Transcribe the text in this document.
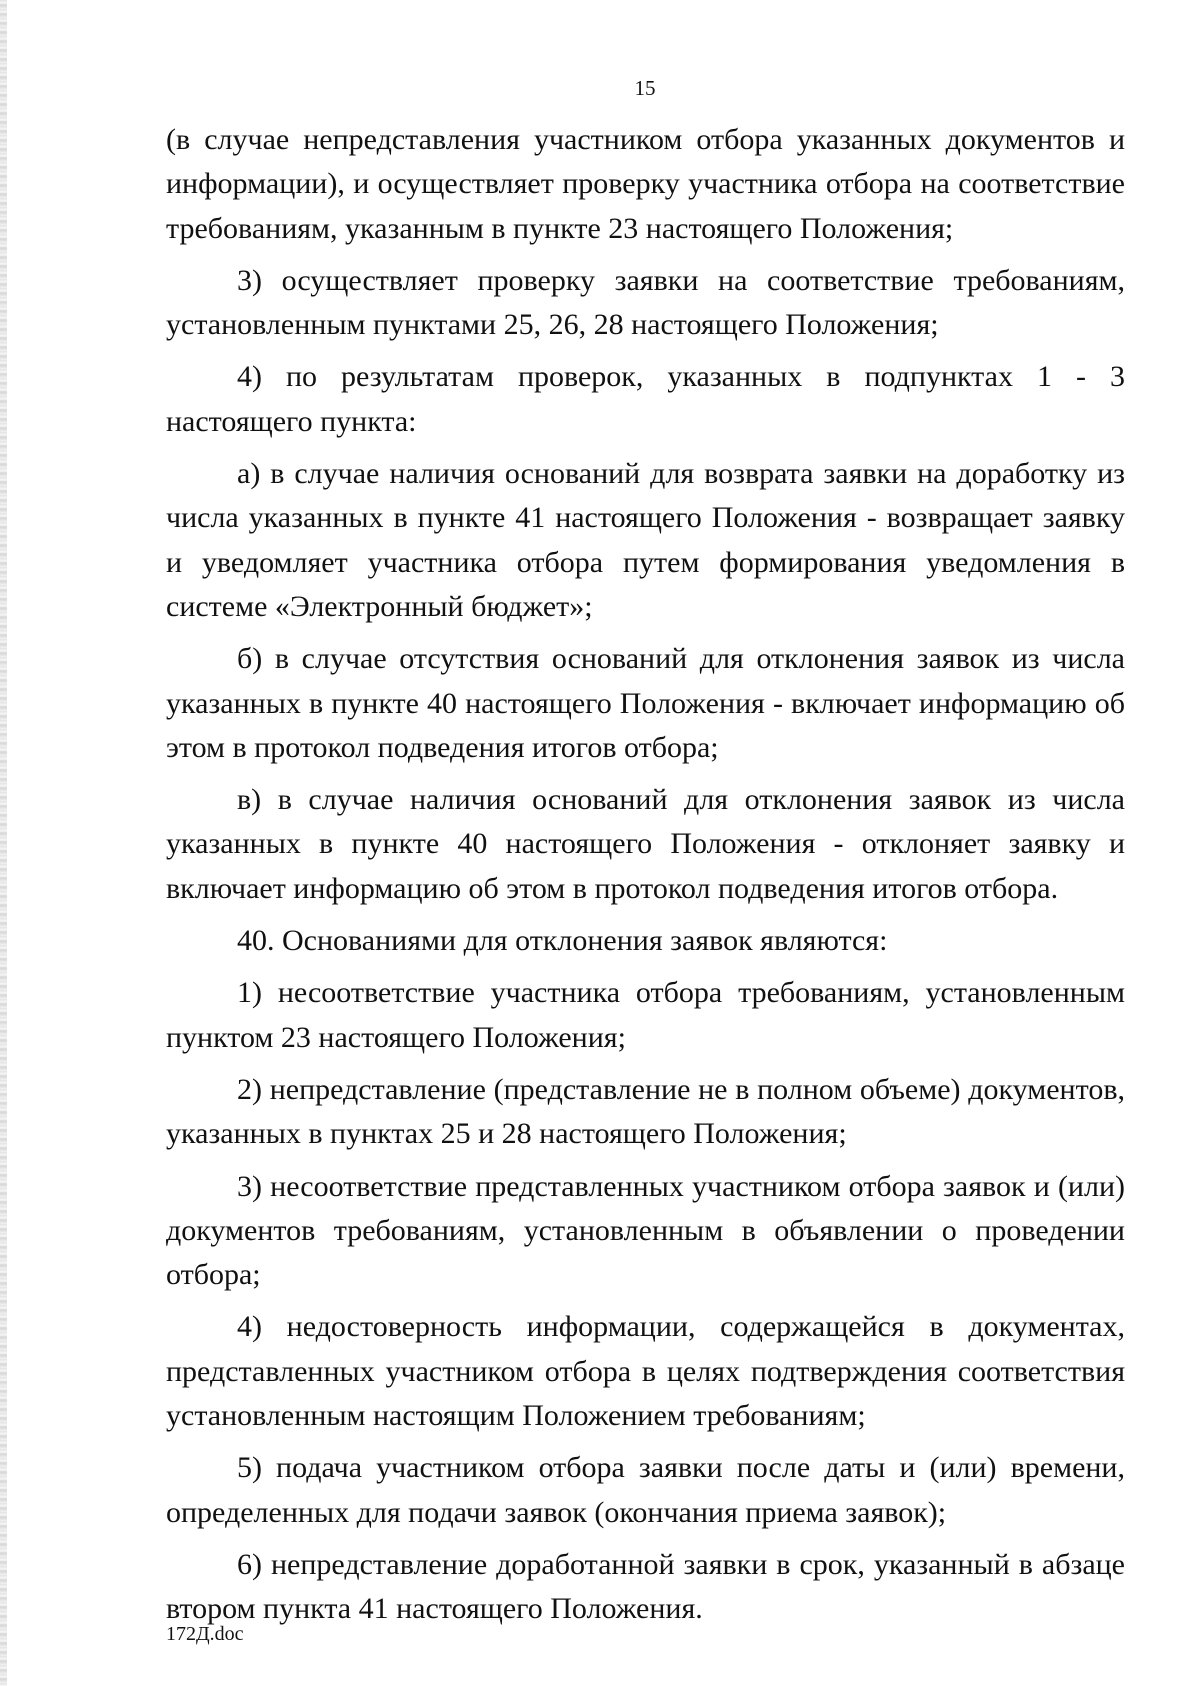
15

(в случае непредставления участником отбора указанных документов и информации), и осуществляет проверку участника отбора на соответствие требованиям, указанным в пункте 23 настоящего Положения;

3) осуществляет проверку заявки на соответствие требованиям, установленным пунктами 25, 26, 28 настоящего Положения;

4) по результатам проверок, указанных в подпунктах 1 - 3 настоящего пункта:

а) в случае наличия оснований для возврата заявки на доработку из числа указанных в пункте 41 настоящего Положения - возвращает заявку и уведомляет участника отбора путем формирования уведомления в системе «Электронный бюджет»;

б) в случае отсутствия оснований для отклонения заявок из числа указанных в пункте 40 настоящего Положения - включает информацию об этом в протокол подведения итогов отбора;

в) в случае наличия оснований для отклонения заявок из числа указанных в пункте 40 настоящего Положения - отклоняет заявку и включает информацию об этом в протокол подведения итогов отбора.

40. Основаниями для отклонения заявок являются:

1) несоответствие участника отбора требованиям, установленным пунктом 23 настоящего Положения;

2) непредставление (представление не в полном объеме) документов, указанных в пунктах 25 и 28 настоящего Положения;

3) несоответствие представленных участником отбора заявок и (или) документов требованиям, установленным в объявлении о проведении отбора;

4) недостоверность информации, содержащейся в документах, представленных участником отбора в целях подтверждения соответствия установленным настоящим Положением требованиям;

5) подача участником отбора заявки после даты и (или) времени, определенных для подачи заявок (окончания приема заявок);

6) непредставление доработанной заявки в срок, указанный в абзаце втором пункта 41 настоящего Положения.

172Д.doc
